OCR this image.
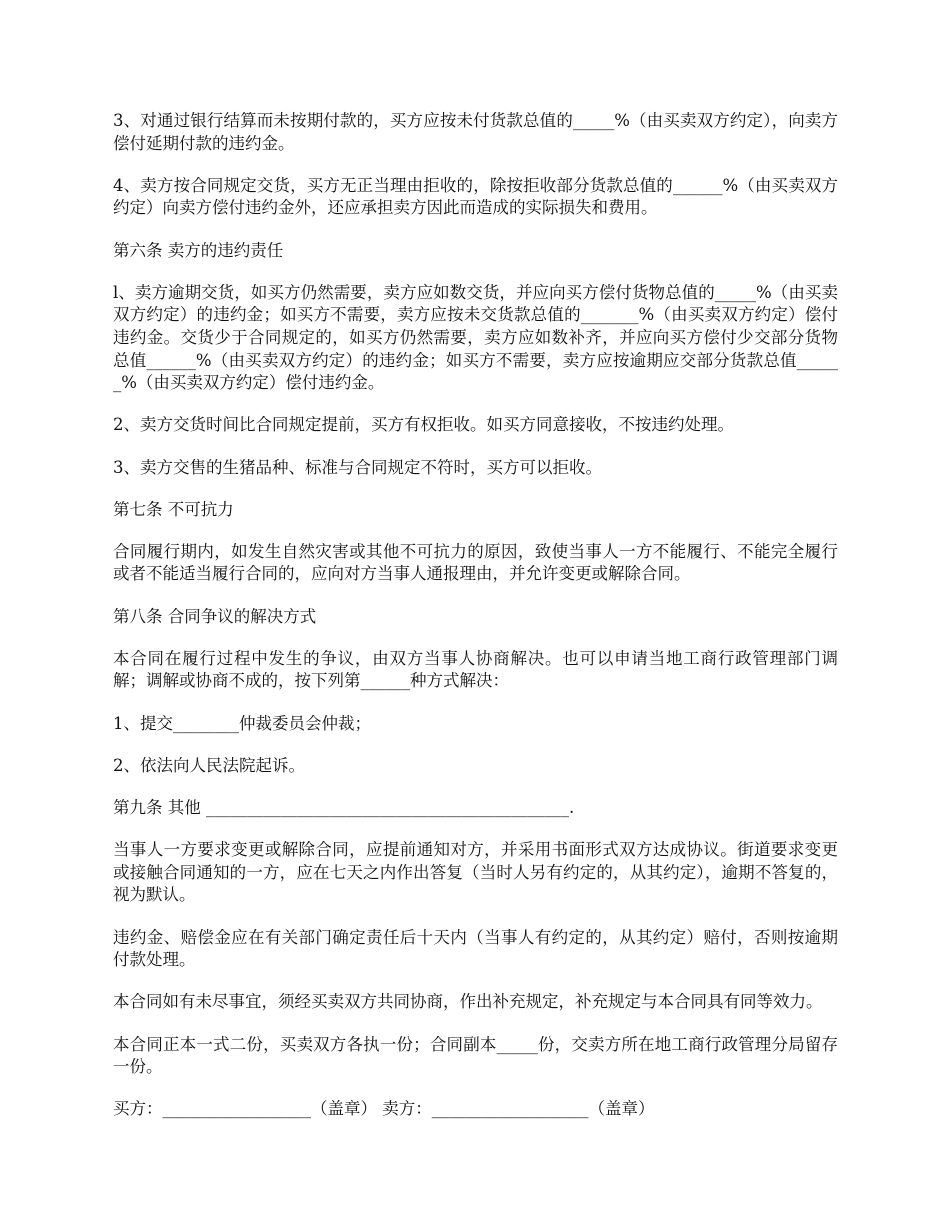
3、对通过银行结算而未按期付款的，买方应按未付货款总值的_____%（由买卖双方约定），向卖方偿付延期付款的违约金。

4、卖方按合同规定交货，买方无正当理由拒收的，除按拒收部分货款总值的______%（由买卖双方约定）向卖方偿付违约金外，还应承担卖方因此而造成的实际损失和费用。

第六条 卖方的违约责任

l、卖方逾期交货，如买方仍然需要，卖方应如数交货，并应向买方偿付货物总值的_____%（由买卖双方约定）的违约金；如买方不需要，卖方应按未交货款总值的_______%（由买卖双方约定）偿付违约金。交货少于合同规定的，如买方仍然需要，卖方应如数补齐，并应向买方偿付少交部分货物总值______%（由买卖双方约定）的违约金；如买方不需要，卖方应按逾期应交部分货款总值______%（由买卖双方约定）偿付违约金。

2、卖方交货时间比合同规定提前，买方有权拒收。如买方同意接收，不按违约处理。

3、卖方交售的生猪品种、标准与合同规定不符时，买方可以拒收。

第七条 不可抗力

合同履行期内，如发生自然灾害或其他不可抗力的原因，致使当事人一方不能履行、不能完全履行或者不能适当履行合同的，应向对方当事人通报理由，并允许变更或解除合同。

第八条 合同争议的解决方式

本合同在履行过程中发生的争议，由双方当事人协商解决。也可以申请当地工商行政管理部门调解；调解或协商不成的，按下列第______种方式解决：

1、提交________仲裁委员会仲裁；

2、依法向人民法院起诉。

第九条 其他 ____________________________________________.

当事人一方要求变更或解除合同，应提前通知对方，并采用书面形式双方达成协议。街道要求变更或接触合同通知的一方，应在七天之内作出答复（当时人另有约定的，从其约定），逾期不答复的，视为默认。

违约金、赔偿金应在有关部门确定责任后十天内（当事人有约定的，从其约定）赔付，否则按逾期付款处理。

本合同如有未尽事宜，须经买卖双方共同协商，作出补充规定，补充规定与本合同具有同等效力。

本合同正本一式二份，买卖双方各执一份；合同副本_____份，交卖方所在地工商行政管理分局留存一份。

买方：__________________（盖章） 卖方：___________________（盖章）
